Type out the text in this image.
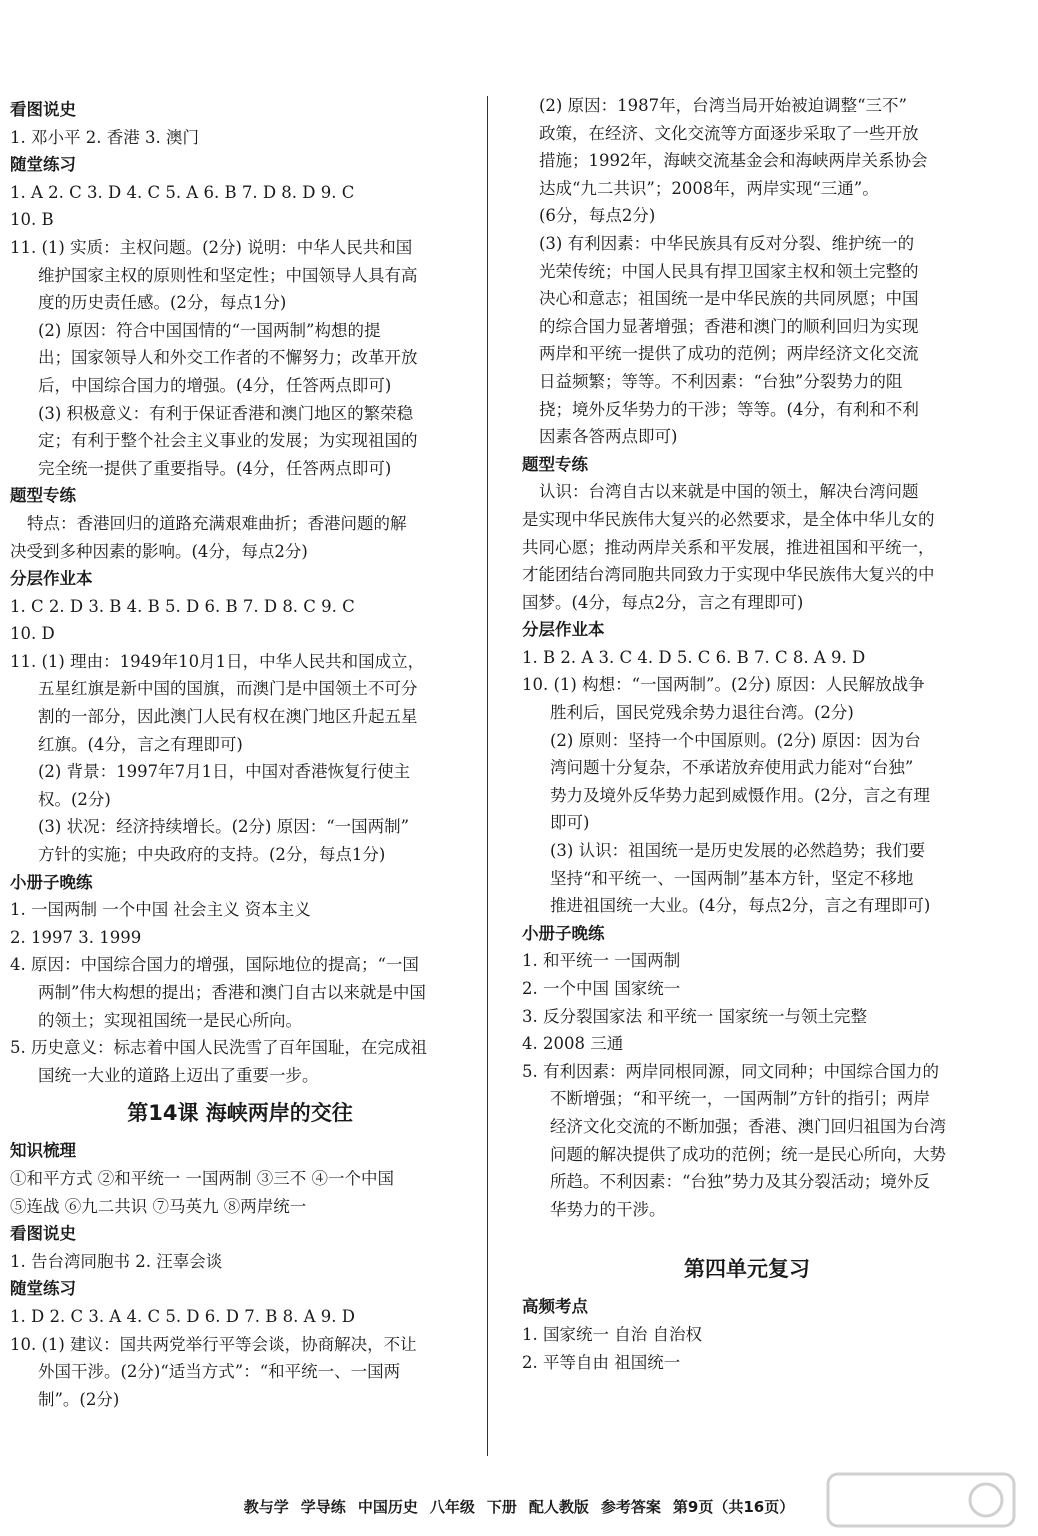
看图说史
1. 邓小平 2. 香港 3. 澳门
随堂练习
1. A 2. C 3. D 4. C 5. A 6. B 7. D 8. D 9. C
10. B
11. (1) 实质：主权问题。(2分) 说明：中华人民共和国
维护国家主权的原则性和坚定性；中国领导人具有高
度的历史责任感。(2分，每点1分)
(2) 原因：符合中国国情的“一国两制”构想的提
出；国家领导人和外交工作者的不懈努力；改革开放
后，中国综合国力的增强。(4分，任答两点即可)
(3) 积极意义：有利于保证香港和澳门地区的繁荣稳
定；有利于整个社会主义事业的发展；为实现祖国的
完全统一提供了重要指导。(4分，任答两点即可)
题型专练
特点：香港回归的道路充满艰难曲折；香港问题的解
决受到多种因素的影响。(4分，每点2分)
分层作业本
1. C 2. D 3. B 4. B 5. D 6. B 7. D 8. C 9. C
10. D
11. (1) 理由：1949年10月1日，中华人民共和国成立，
五星红旗是新中国的国旗，而澳门是中国领土不可分
割的一部分，因此澳门人民有权在澳门地区升起五星
红旗。(4分，言之有理即可)
(2) 背景：1997年7月1日，中国对香港恢复行使主
权。(2分)
(3) 状况：经济持续增长。(2分) 原因：“一国两制”
方针的实施；中央政府的支持。(2分，每点1分)
小册子晚练
1. 一国两制 一个中国 社会主义 资本主义
2. 1997 3. 1999
4. 原因：中国综合国力的增强，国际地位的提高；“一国
两制”伟大构想的提出；香港和澳门自古以来就是中国
的领土；实现祖国统一是民心所向。
5. 历史意义：标志着中国人民洗雪了百年国耻，在完成祖
国统一大业的道路上迈出了重要一步。
第14课 海峡两岸的交往
知识梳理
①和平方式 ②和平统一 一国两制 ③三不 ④一个中国
⑤连战 ⑥九二共识 ⑦马英九 ⑧两岸统一
看图说史
1. 告台湾同胞书 2. 汪辜会谈
随堂练习
1. D 2. C 3. A 4. C 5. D 6. D 7. B 8. A 9. D
10. (1) 建议：国共两党举行平等会谈，协商解决，不让
外国干涉。(2分)“适当方式”：“和平统一、一国两
制”。(2分)
(2) 原因：1987年，台湾当局开始被迫调整“三不”
政策，在经济、文化交流等方面逐步采取了一些开放
措施；1992年，海峡交流基金会和海峡两岸关系协会
达成“九二共识”；2008年，两岸实现“三通”。
(6分，每点2分)
(3) 有利因素：中华民族具有反对分裂、维护统一的
光荣传统；中国人民具有捍卫国家主权和领土完整的
决心和意志；祖国统一是中华民族的共同夙愿；中国
的综合国力显著增强；香港和澳门的顺利回归为实现
两岸和平统一提供了成功的范例；两岸经济文化交流
日益频繁；等等。不利因素：“台独”分裂势力的阻
挠；境外反华势力的干涉；等等。(4分，有利和不利
因素各答两点即可)
题型专练
认识：台湾自古以来就是中国的领土，解决台湾问题
是实现中华民族伟大复兴的必然要求，是全体中华儿女的
共同心愿；推动两岸关系和平发展，推进祖国和平统一，
才能团结台湾同胞共同致力于实现中华民族伟大复兴的中
国梦。(4分，每点2分，言之有理即可)
分层作业本
1. B 2. A 3. C 4. D 5. C 6. B 7. C 8. A 9. D
10. (1) 构想：“一国两制”。(2分) 原因：人民解放战争
胜利后，国民党残余势力退往台湾。(2分)
(2) 原则：坚持一个中国原则。(2分) 原因：因为台
湾问题十分复杂，不承诺放弃使用武力能对“台独”
势力及境外反华势力起到威慑作用。(2分，言之有理
即可)
(3) 认识：祖国统一是历史发展的必然趋势；我们要
坚持“和平统一、一国两制”基本方针，坚定不移地
推进祖国统一大业。(4分，每点2分，言之有理即可)
小册子晚练
1. 和平统一 一国两制
2. 一个中国 国家统一
3. 反分裂国家法 和平统一 国家统一与领土完整
4. 2008 三通
5. 有利因素：两岸同根同源，同文同种；中国综合国力的
不断增强；“和平统一，一国两制”方针的指引；两岸
经济文化交流的不断加强；香港、澳门回归祖国为台湾
问题的解决提供了成功的范例；统一是民心所向，大势
所趋。不利因素：“台独”势力及其分裂活动；境外反
华势力的干涉。
第四单元复习
高频考点
1. 国家统一 自治 自治权
2. 平等自由 祖国统一
教与学 学导练 中国历史 八年级 下册 配人教版 参考答案 第9页（共16页）
